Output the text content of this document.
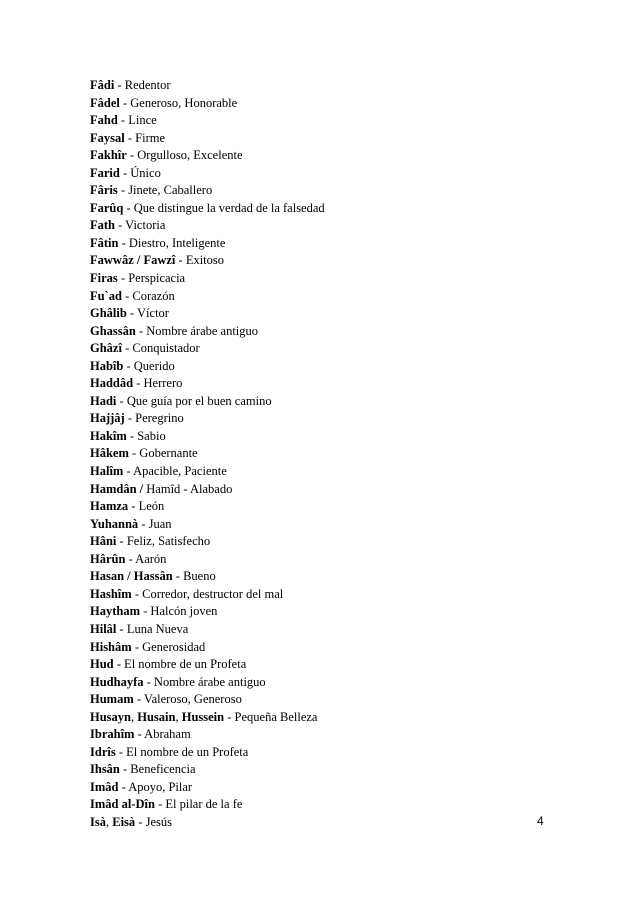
Fâdi - Redentor
Fâdel - Generoso, Honorable
Fahd - Lince
Faysal - Firme
Fakhîr - Orgulloso, Excelente
Farid - Único
Fâris - Jinete, Caballero
Farûq - Que distingue la verdad de la falsedad
Fath - Victoria
Fâtin - Diestro, Inteligente
Fawwâz / Fawzî - Exitoso
Firas - Perspicacia
Fu`ad - Corazón
Ghâlib - Víctor
Ghassân - Nombre árabe antiguo
Ghâzî - Conquistador
Habîb - Querido
Haddâd - Herrero
Hadi - Que guía por el buen camino
Hajjâj - Peregrino
Hakîm - Sabio
Hâkem - Gobernante
Halîm - Apacible, Paciente
Hamdân / Hamîd - Alabado
Hamza - León
Yuhannà - Juan
Hâni - Feliz, Satisfecho
Hârûn - Aarón
Hasan / Hassân - Bueno
Hashîm - Corredor, destructor del mal
Haytham - Halcón joven
Hilâl - Luna Nueva
Hishâm - Generosidad
Hud - El nombre de un Profeta
Hudhayfa - Nombre árabe antiguo
Humam - Valeroso, Generoso
Husayn, Husain, Hussein - Pequeña Belleza
Ibrahîm - Abraham
Idrîs - El nombre de un Profeta
Ihsân - Beneficencia
Imâd - Apoyo, Pilar
Imâd al-Dîn - El pilar de la fe
Isà, Eisà - Jesús	4
